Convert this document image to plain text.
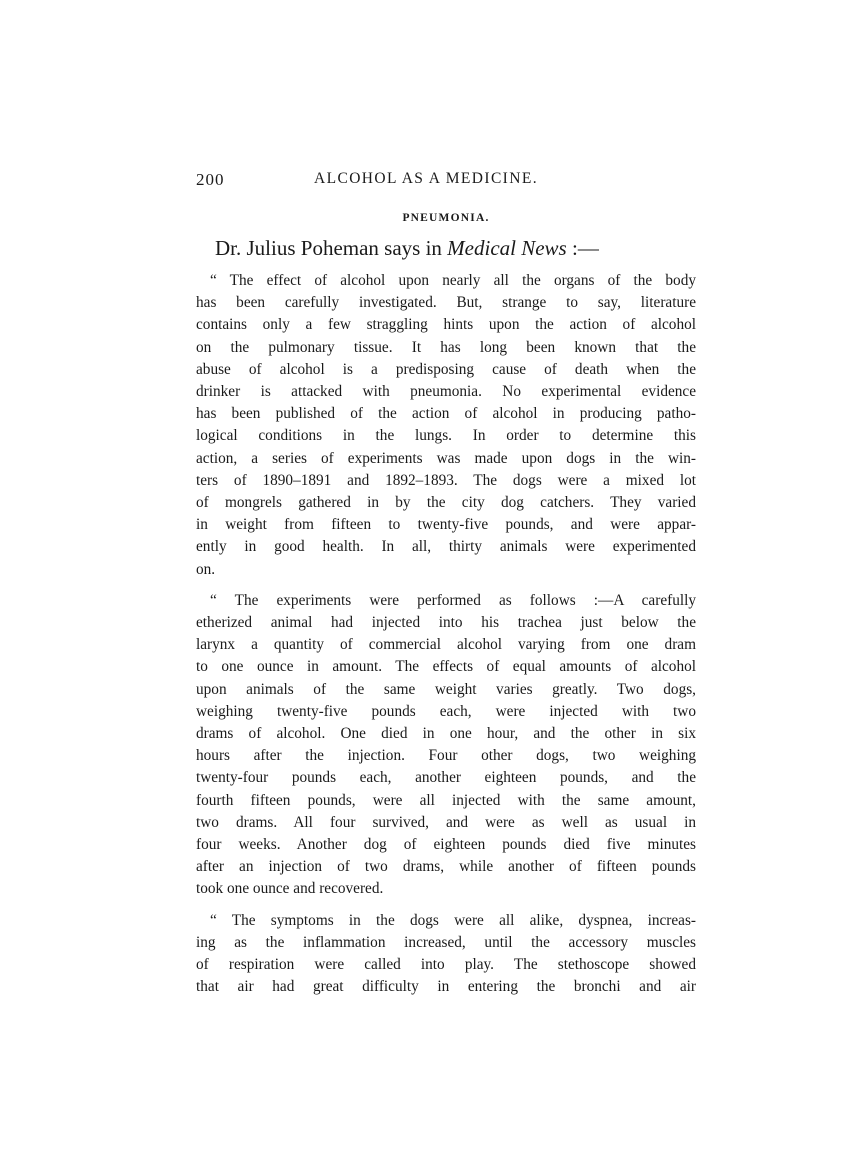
200	ALCOHOL AS A MEDICINE.
PNEUMONIA.
Dr. Julius Poheman says in Medical News :—

“ The effect of alcohol upon nearly all the organs of the body
has been carefully investigated. But, strange to say, literature
contains only a few straggling hints upon the action of alcohol
on the pulmonary tissue. It has long been known that the
abuse of alcohol is a predisposing cause of death when the
drinker is attacked with pneumonia. No experimental evidence
has been published of the action of alcohol in producing patho-
logical conditions in the lungs. In order to determine this
action, a series of experiments was made upon dogs in the win-
ters of 1890–1891 and 1892–1893. The dogs were a mixed lot
of mongrels gathered in by the city dog catchers. They varied
in weight from fifteen to twenty-five pounds, and were appar-
ently in good health. In all, thirty animals were experimented
on.

“ The experiments were performed as follows :—A carefully
etherized animal had injected into his trachea just below the
larynx a quantity of commercial alcohol varying from one dram
to one ounce in amount. The effects of equal amounts of alcohol
upon animals of the same weight varies greatly. Two dogs,
weighing twenty-five pounds each, were injected with two
drams of alcohol. One died in one hour, and the other in six
hours after the injection. Four other dogs, two weighing
twenty-four pounds each, another eighteen pounds, and the
fourth fifteen pounds, were all injected with the same amount,
two drams. All four survived, and were as well as usual in
four weeks. Another dog of eighteen pounds died five minutes
after an injection of two drams, while another of fifteen pounds
took one ounce and recovered.

“ The symptoms in the dogs were all alike, dyspnea, increas-
ing as the inflammation increased, until the accessory muscles
of respiration were called into play. The stethoscope showed
that air had great difficulty in entering the bronchi and air
